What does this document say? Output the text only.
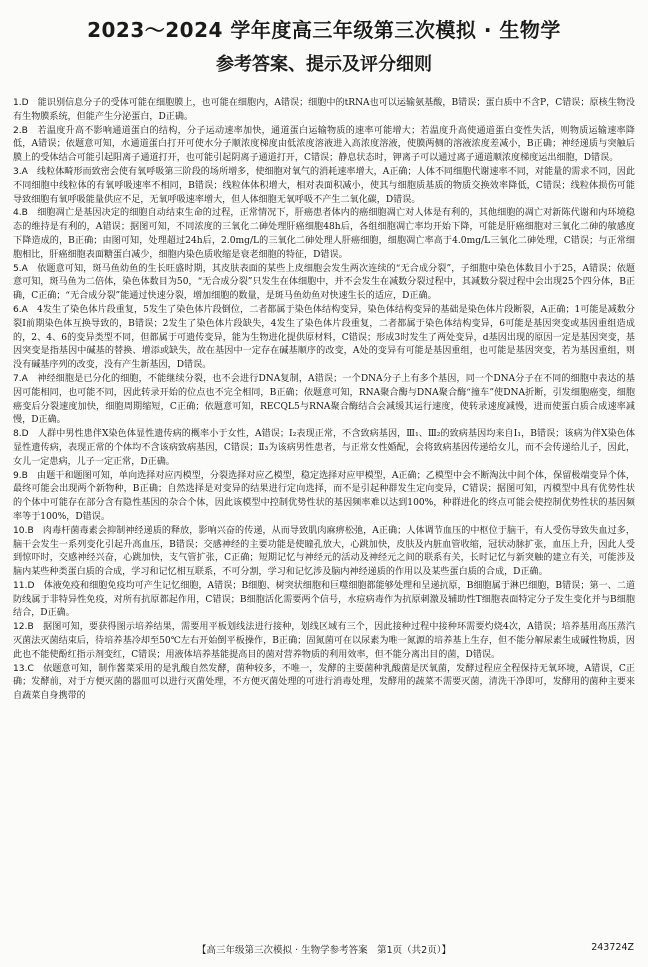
2023～2024 学年度高三年级第三次模拟 · 生物学
参考答案、提示及评分细则

1.D　 能识别信息分子的受体可能在细胞膜上，也可能在细胞内，A错误；细胞中的tRNA也可以运输氨基酸，B错误；蛋白质中不含P，C错误；原核生物没有生物膜系统，但能产生分泌蛋白，D正确。

2.B　 若温度升高不影响通道蛋白的结构，分子运动速率加快，通道蛋白运输物质的速率可能增大；若温度升高使通道蛋白变性失活，则物质运输速率降低，A错误；依题意可知，水通道蛋白打开可使水分子顺浓度梯度由低浓度溶液进入高浓度溶液，使膜两侧的溶液浓度差减小，B正确；神经递质与突触后膜上的受体结合可能引起阳离子通道打开，也可能引起阴离子通道打开，C错误；静息状态时，钾离子可以通过离子通道顺浓度梯度运出细胞，D错误。

3.A　 线粒体畸形而致密会使有氧呼吸第三阶段的场所增多，使细胞对氧气的消耗速率增大，A正确；人体不同细胞代谢速率不同，对能量的需求不同，因此不同细胞中线粒体的有氧呼吸速率不相同，B错误；线粒体体积增大，相对表面积减小，使其与细胞质基质的物质交换效率降低，C错误；线粒体损伤可能导致细胞有氧呼吸能量供应不足，无氧呼吸速率增大，但人体细胞无氧呼吸不产生二氧化碳，D错误。

4.B　 细胞凋亡是基因决定的细胞自动结束生命的过程，正常情况下，肝癌患者体内的癌细胞凋亡对人体是有利的，其他细胞的凋亡对新陈代谢和内环境稳态的维持是有利的，A错误；据图可知，不同浓度的三氧化二砷处理肝癌细胞48h后，各组细胞凋亡率均开始下降，可能是肝癌细胞对三氧化二砷的敏感度下降造成的，B正确；由图可知，处理超过24h后，2.0mg/L的三氧化二砷处理人肝癌细胞，细胞凋亡率高于4.0mg/L三氧化二砷处理，C错误；与正常细胞相比，肝癌细胞表面糖蛋白减少，细胞内染色质收缩是衰老细胞的特征，D错误。

5.A　 依题意可知，斑马鱼幼鱼的生长旺盛时期，其皮肤表面的某些上皮细胞会发生两次连续的“无合成分裂”，子细胞中染色体数目小于25，A错误；依题意可知，斑马鱼为二倍体，染色体数目为50，“无合成分裂”只发生在体细胞中，并不会发生在减数分裂过程中，其减数分裂过程中会出现25个四分体，B正确，C正确；“无合成分裂”能通过快速分裂，增加细胞的数量，是斑马鱼幼鱼对快速生长的适应，D正确。

6.A　 4发生了染色体片段重复，5发生了染色体片段倒位，二者都属于染色体结构变异，染色体结构变异的基础是染色体片段断裂，A正确；1可能是减数分裂Ⅰ前期染色体互换导致的，B错误；2发生了染色体片段缺失，4发生了染色体片段重复，二者都属于染色体结构变异，6可能是基因突变或基因重组造成的，2、4、6的变异类型不同，但都属于可遗传变异，能为生物进化提供原材料，C错误；形成3时发生了两处变异，d基因出现的原因一定是基因突变，基因突变是指基因中碱基的替换、增添或缺失，故在基因中一定存在碱基顺序的改变，A处的变异有可能是基因重组，也可能是基因突变，若为基因重组，则没有碱基序列的改变，没有产生新基因，D错误。

7.A　 神经细胞是已分化的细胞，不能继续分裂，也不会进行DNA复制，A错误；一个DNA分子上有多个基因，同一个DNA分子在不同的细胞中表达的基因可能相同，也可能不同，因此转录开始的位点也不完全相同，B正确；依题意可知，RNA聚合酶与DNA聚合酶“撞车”使DNA折断，引发细胞癌变，细胞癌变后分裂速度加快，细胞周期缩短，C正确；依题意可知，RECQL5与RNA聚合酶结合会减缓其运行速度，使转录速度减慢，进而使蛋白质合成速率减慢，D正确。

8.D　 人群中男性患伴X染色体显性遗传病的概率小于女性，A错误；Ⅰ₂表现正常，不含致病基因，Ⅲ₁、Ⅲ₂的致病基因均来自Ⅰ₁，B错误；该病为伴X染色体显性遗传病，表现正常的个体均不含该病致病基因，C错误；Ⅱ₃为该病男性患者，与正常女性婚配，会将致病基因传递给女儿，而不会传递给儿子，因此，女儿一定患病，儿子一定正常，D正确。

9.B　 由题干和题图可知，单向选择对应丙模型，分裂选择对应乙模型，稳定选择对应甲模型，A正确；乙模型中会不断淘汰中间个体，保留极端变异个体，最终可能会出现两个新物种，B正确；自然选择是对变异的结果进行定向选择，而不是引起种群发生定向变异，C错误；据图可知，丙模型中具有优势性状的个体中可能存在部分含有隐性基因的杂合个体，因此该模型中控制优势性状的基因频率难以达到100%，种群进化的终点可能会使控制优势性状的基因频率等于100%，D错误。

10.B　 肉毒杆菌毒素会抑制神经递质的释放，影响兴奋的传递，从而导致肌肉麻痹松弛，A正确；人体调节血压的中枢位于脑干，有人受伤导致失血过多，脑干会发生一系列变化引起升高血压，B错误；交感神经的主要功能是使瞳孔放大，心跳加快，皮肤及内脏血管收缩，冠状动脉扩张，血压上升，因此人受到惊吓时，交感神经兴奋，心跳加快，支气管扩张，C正确；短期记忆与神经元的活动及神经元之间的联系有关，长时记忆与新突触的建立有关，可能涉及脑内某些种类蛋白质的合成，学习和记忆相互联系，不可分割，学习和记忆涉及脑内神经递质的作用以及某些蛋白质的合成，D正确。

11.D　 体液免疫和细胞免疫均可产生记忆细胞，A错误；B细胞、树突状细胞和巨噬细胞都能够处理和呈递抗原，B细胞属于淋巴细胞，B错误；第一、二道防线属于非特异性免疫，对所有抗原都起作用，C错误；B细胞活化需要两个信号，水痘病毒作为抗原刺激及辅助性T细胞表面特定分子发生变化并与B细胞结合，D正确。

12.B　 据图可知，要获得图示培养结果，需要用平板划线法进行接种，划线区域有三个，因此接种过程中接种环需要灼烧4次，A错误；培养基用高压蒸汽灭菌法灭菌结束后，待培养基冷却至50℃左右开始倒平板操作，B正确；固氮菌可在以尿素为唯一氮源的培养基上生存，但不能分解尿素生成碱性物质，因此也不能使酚红指示剂变红，C错误；用液体培养基能提高目的菌对营养物质的利用效率，但不能分离出目的菌，D错误。

13.C　 依题意可知，制作酱菜采用的是乳酸自然发酵，菌种较多，不唯一，发酵的主要菌种乳酸菌是厌氧菌，发酵过程应全程保持无氧环境，A错误，C正确；发酵前，对于方便灭菌的器皿可以进行灭菌处理，不方便灭菌处理的可进行消毒处理，发酵用的蔬菜不需要灭菌，清洗干净即可，发酵用的菌种主要来自蔬菜自身携带的

【高三年级第三次模拟 · 生物学参考答案　第1页（共2页）】	243724Z
